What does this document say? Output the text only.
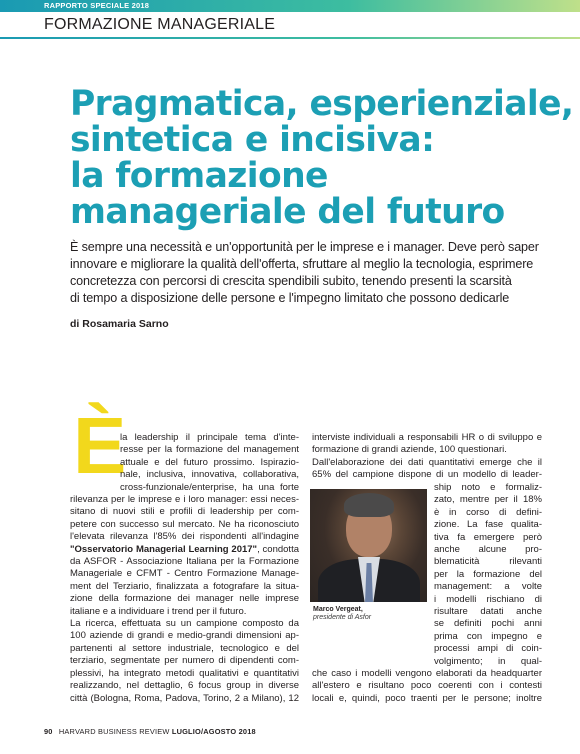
RAPPORTO SPECIALE 2018
FORMAZIONE MANAGERIALE
Pragmatica, esperienziale,
sintetica e incisiva:
la formazione
manageriale del futuro
È sempre una necessità e un'opportunità per le imprese e i manager. Deve però saper
innovare e migliorare la qualità dell'offerta, sfruttare al meglio la tecnologia, esprimere
concretezza con percorsi di crescita spendibili subito, tenendo presenti la scarsità
di tempo a disposizione delle persone e l'impegno limitato che possono dedicarle
di Rosamaria Sarno
È
la leadership il principale tema d'inte-
resse per la formazione del management
attuale e del futuro prossimo. Ispirazio-
nale, inclusiva, innovativa, collaborativa,
cross-funzionale/enterprise, ha una forte
rilevanza per le imprese e i loro manager: essi neces-
sitano di nuovi stili e profili di leadership per com-
petere con successo sul mercato. Ne ha riconosciuto
l'elevata rilevanza l'85% dei rispondenti all'indagine
"Osservatorio Managerial Learning 2017", condotta
da ASFOR - Associazione Italiana per la Formazione
Manageriale e CFMT - Centro Formazione Manage-
ment del Terziario, finalizzata a fotografare la situa-
zione della formazione dei manager nelle imprese
italiane e a individuare i trend per il futuro.
La ricerca, effettuata su un campione composto da
100 aziende di grandi e medio-grandi dimensioni ap-
partenenti al settore industriale, tecnologico e del
terziario, segmentate per numero di dipendenti com-
plessivi, ha integrato metodi qualitativi e quantitativi
realizzando, nel dettaglio, 6 focus group in diverse
città (Bologna, Roma, Padova, Torino, 2 a Milano), 12
interviste individuali a responsabili HR o di sviluppo e
formazione di grandi aziende, 100 questionari.
Dall'elaborazione dei dati quantitativi emerge che il
65% del campione dispone di un modello di leader-
ship noto e formaliz-
zato, mentre per il 18%
è in corso di defini-
zione. La fase qualita-
tiva fa emergere però
anche alcune pro-
blematicità rilevanti
per la formazione del
management: a volte
i modelli rischiano di
risultare datati anche
se definiti pochi anni
prima con impegno e
processi ampi di coin-
volgimento; in qual-
Marco Vergeat,
presidente di Asfor
che caso i modelli vengono elaborati da headquarter
all'estero e risultano poco coerenti con i contesti
locali e, quindi, poco traenti per le persone; inoltre
90 HARVARD BUSINESS REVIEW LUGLIO/AGOSTO 2018
